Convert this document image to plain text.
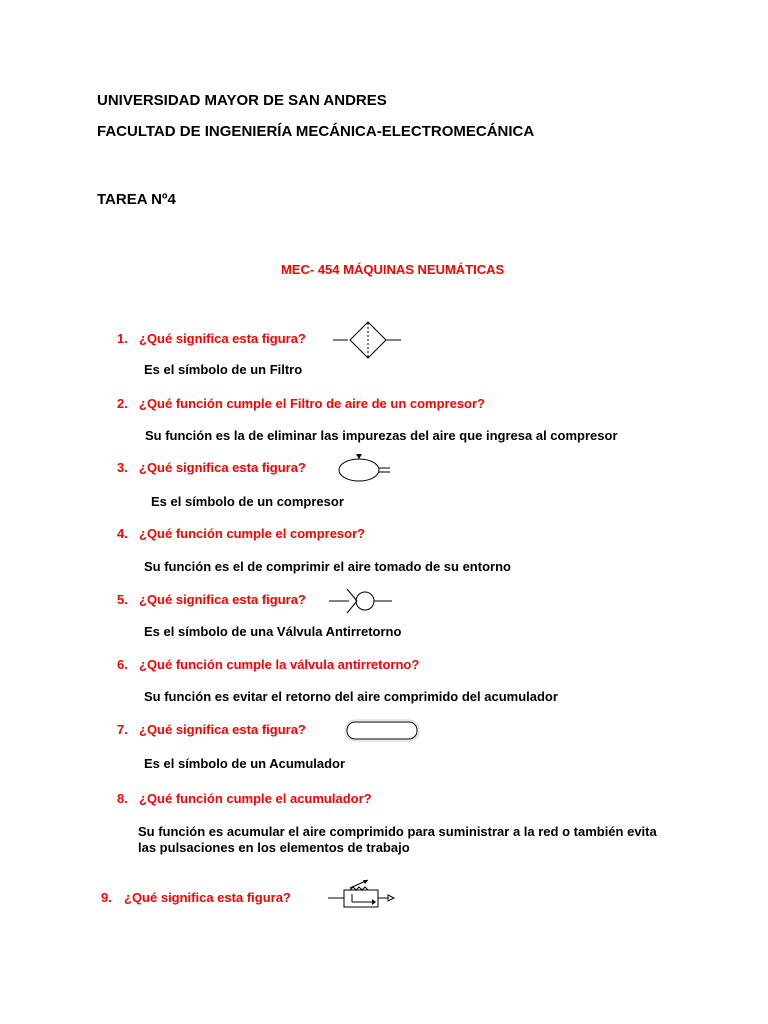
UNIVERSIDAD MAYOR DE SAN ANDRES
FACULTAD DE INGENIERÍA MECÁNICA-ELECTROMECÁNICA
TAREA Nº4
MEC- 454 MÁQUINAS NEUMÁTICAS
1. ¿Qué significa esta figura?
Es el símbolo de un Filtro
2. ¿Qué función cumple el Filtro de aire de un compresor?
Su función es la de eliminar las impurezas del aire que ingresa al compresor
3. ¿Qué significa esta figura?
Es el símbolo de un compresor
4. ¿Qué función cumple el compresor?
Su función es el de comprimir el aire tomado de su entorno
5. ¿Qué significa esta figura?
Es el símbolo de una Válvula Antirretorno
6. ¿Qué función cumple la válvula antirretorno?
Su función es evitar el retorno del aire comprimido del acumulador
7. ¿Qué significa esta figura?
Es el símbolo de un Acumulador
8. ¿Qué función cumple el acumulador?
Su función es acumular el aire comprimido para suministrar a la red o también evita
las pulsaciones en los elementos de trabajo
9. ¿Qué significa esta figura?
